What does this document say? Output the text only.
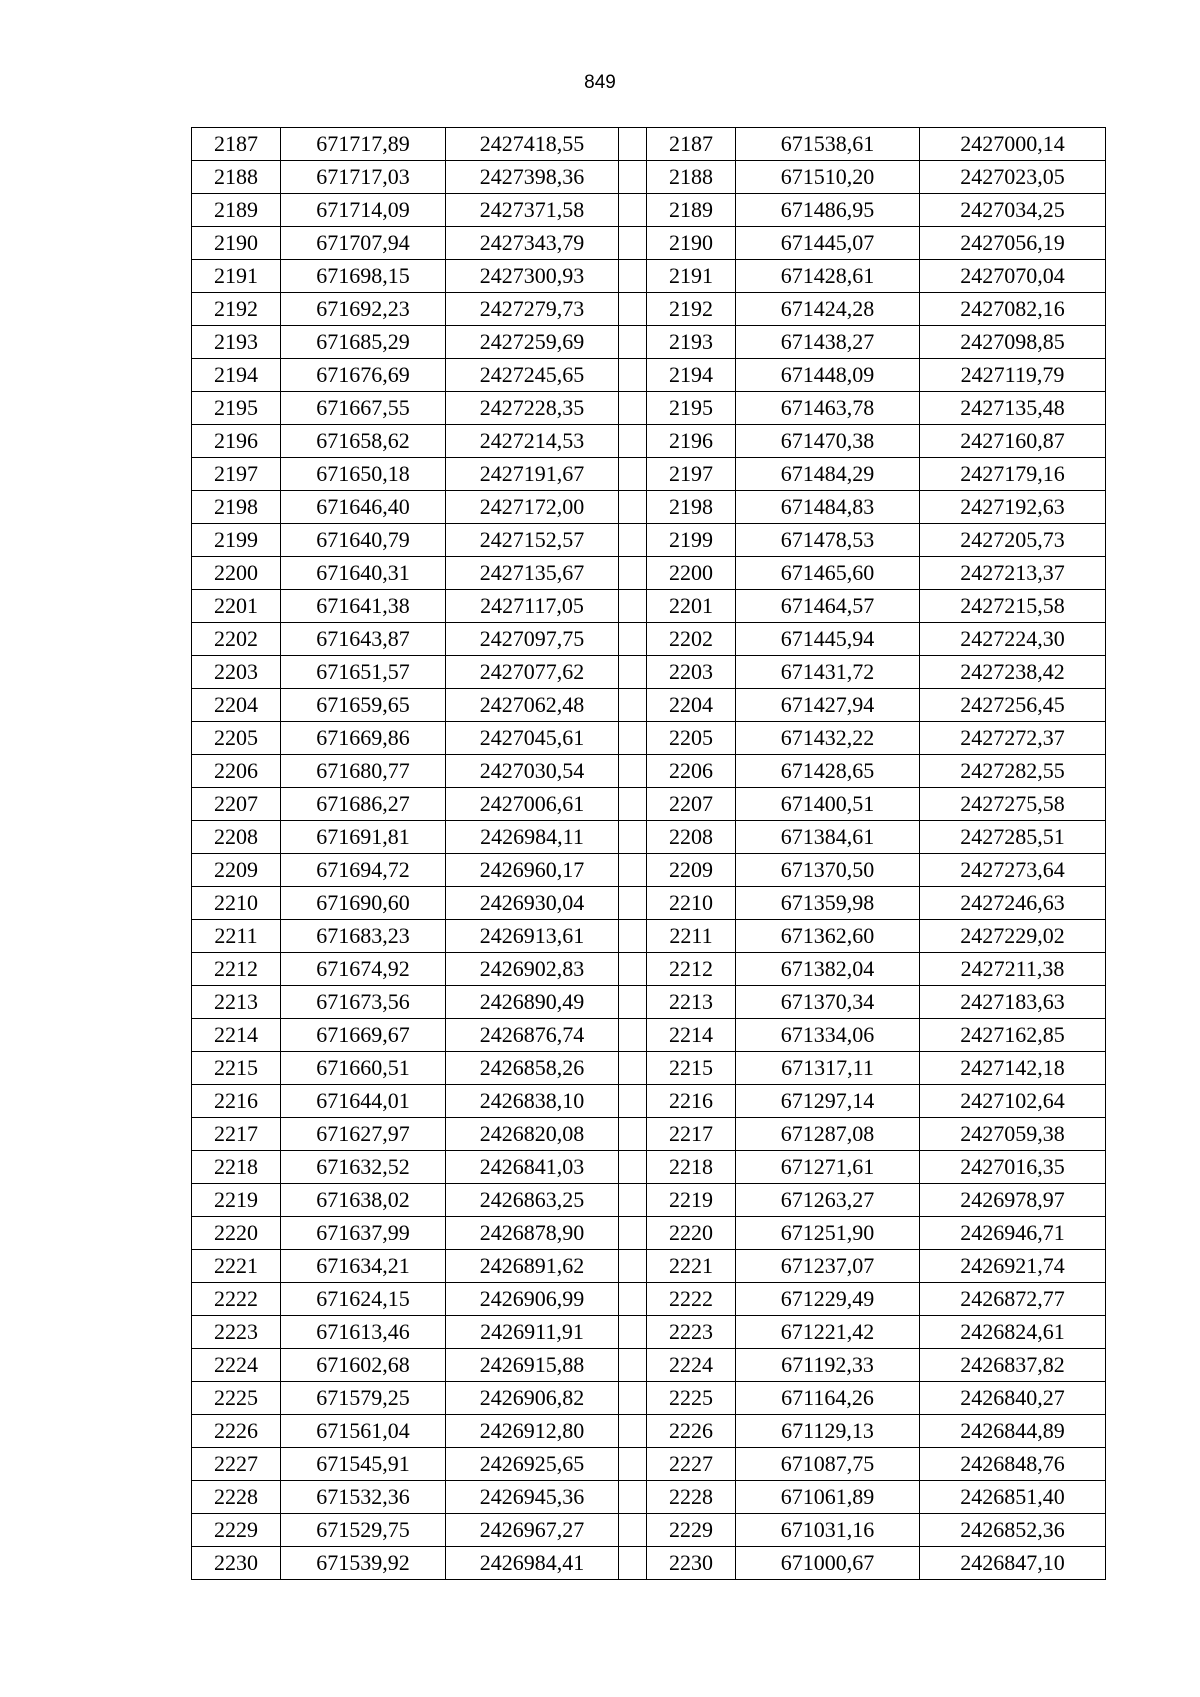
849
2187	671717,89	2427418,55		2187	671538,61	2427000,14
2188	671717,03	2427398,36		2188	671510,20	2427023,05
2189	671714,09	2427371,58		2189	671486,95	2427034,25
2190	671707,94	2427343,79		2190	671445,07	2427056,19
2191	671698,15	2427300,93		2191	671428,61	2427070,04
2192	671692,23	2427279,73		2192	671424,28	2427082,16
2193	671685,29	2427259,69		2193	671438,27	2427098,85
2194	671676,69	2427245,65		2194	671448,09	2427119,79
2195	671667,55	2427228,35		2195	671463,78	2427135,48
2196	671658,62	2427214,53		2196	671470,38	2427160,87
2197	671650,18	2427191,67		2197	671484,29	2427179,16
2198	671646,40	2427172,00		2198	671484,83	2427192,63
2199	671640,79	2427152,57		2199	671478,53	2427205,73
2200	671640,31	2427135,67		2200	671465,60	2427213,37
2201	671641,38	2427117,05		2201	671464,57	2427215,58
2202	671643,87	2427097,75		2202	671445,94	2427224,30
2203	671651,57	2427077,62		2203	671431,72	2427238,42
2204	671659,65	2427062,48		2204	671427,94	2427256,45
2205	671669,86	2427045,61		2205	671432,22	2427272,37
2206	671680,77	2427030,54		2206	671428,65	2427282,55
2207	671686,27	2427006,61		2207	671400,51	2427275,58
2208	671691,81	2426984,11		2208	671384,61	2427285,51
2209	671694,72	2426960,17		2209	671370,50	2427273,64
2210	671690,60	2426930,04		2210	671359,98	2427246,63
2211	671683,23	2426913,61		2211	671362,60	2427229,02
2212	671674,92	2426902,83		2212	671382,04	2427211,38
2213	671673,56	2426890,49		2213	671370,34	2427183,63
2214	671669,67	2426876,74		2214	671334,06	2427162,85
2215	671660,51	2426858,26		2215	671317,11	2427142,18
2216	671644,01	2426838,10		2216	671297,14	2427102,64
2217	671627,97	2426820,08		2217	671287,08	2427059,38
2218	671632,52	2426841,03		2218	671271,61	2427016,35
2219	671638,02	2426863,25		2219	671263,27	2426978,97
2220	671637,99	2426878,90		2220	671251,90	2426946,71
2221	671634,21	2426891,62		2221	671237,07	2426921,74
2222	671624,15	2426906,99		2222	671229,49	2426872,77
2223	671613,46	2426911,91		2223	671221,42	2426824,61
2224	671602,68	2426915,88		2224	671192,33	2426837,82
2225	671579,25	2426906,82		2225	671164,26	2426840,27
2226	671561,04	2426912,80		2226	671129,13	2426844,89
2227	671545,91	2426925,65		2227	671087,75	2426848,76
2228	671532,36	2426945,36		2228	671061,89	2426851,40
2229	671529,75	2426967,27		2229	671031,16	2426852,36
2230	671539,92	2426984,41		2230	671000,67	2426847,10
